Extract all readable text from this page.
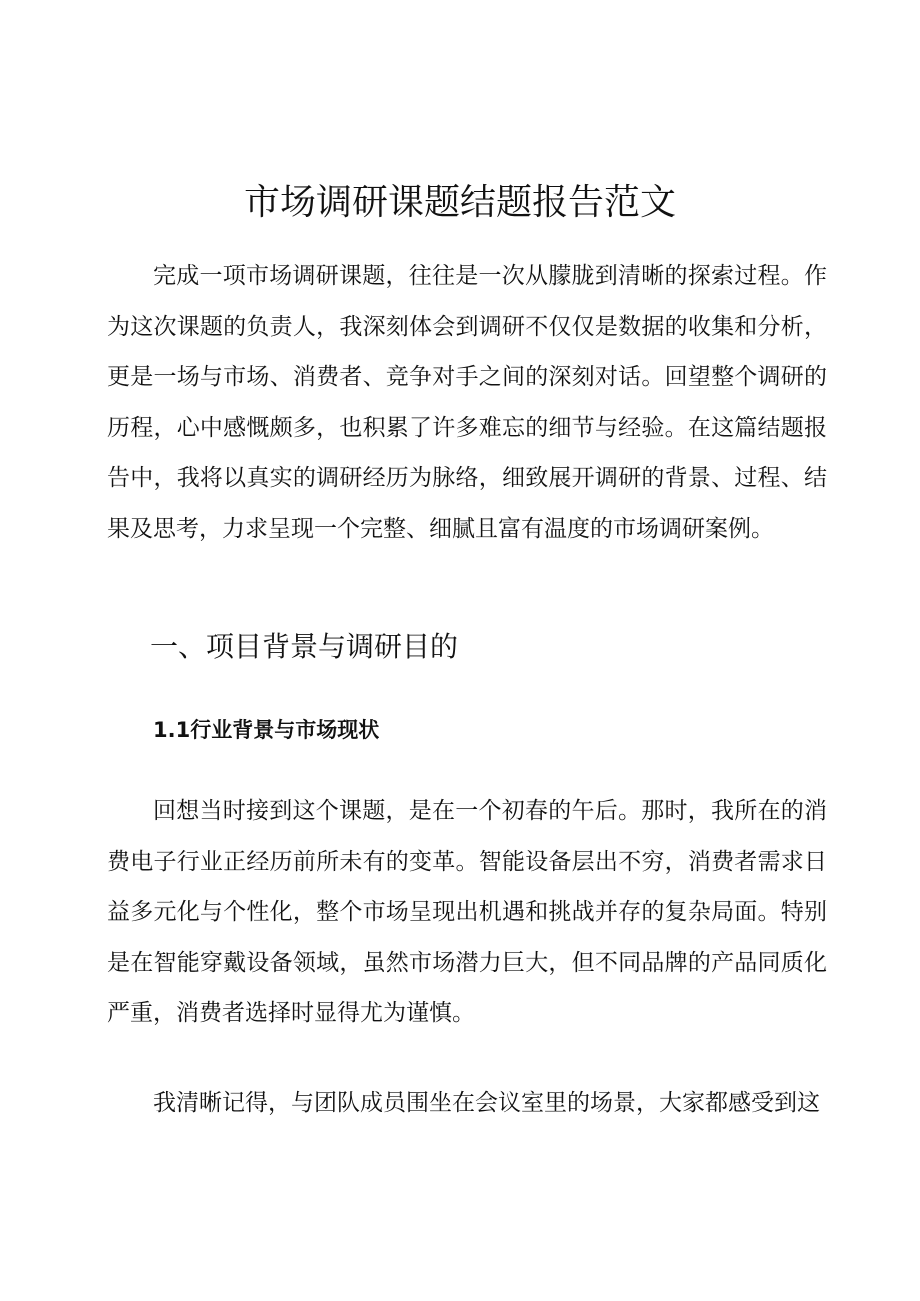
市场调研课题结题报告范文

完成一项市场调研课题，往往是一次从朦胧到清晰的探索过程。作为这次课题的负责人，我深刻体会到调研不仅仅是数据的收集和分析，更是一场与市场、消费者、竞争对手之间的深刻对话。回望整个调研的历程，心中感慨颇多，也积累了许多难忘的细节与经验。在这篇结题报告中，我将以真实的调研经历为脉络，细致展开调研的背景、过程、结果及思考，力求呈现一个完整、细腻且富有温度的市场调研案例。

一、项目背景与调研目的
1.1行业背景与市场现状

回想当时接到这个课题，是在一个初春的午后。那时，我所在的消费电子行业正经历前所未有的变革。智能设备层出不穷，消费者需求日益多元化与个性化，整个市场呈现出机遇和挑战并存的复杂局面。特别是在智能穿戴设备领域，虽然市场潜力巨大，但不同品牌的产品同质化严重，消费者选择时显得尤为谨慎。

我清晰记得，与团队成员围坐在会议室里的场景，大家都感受到这
